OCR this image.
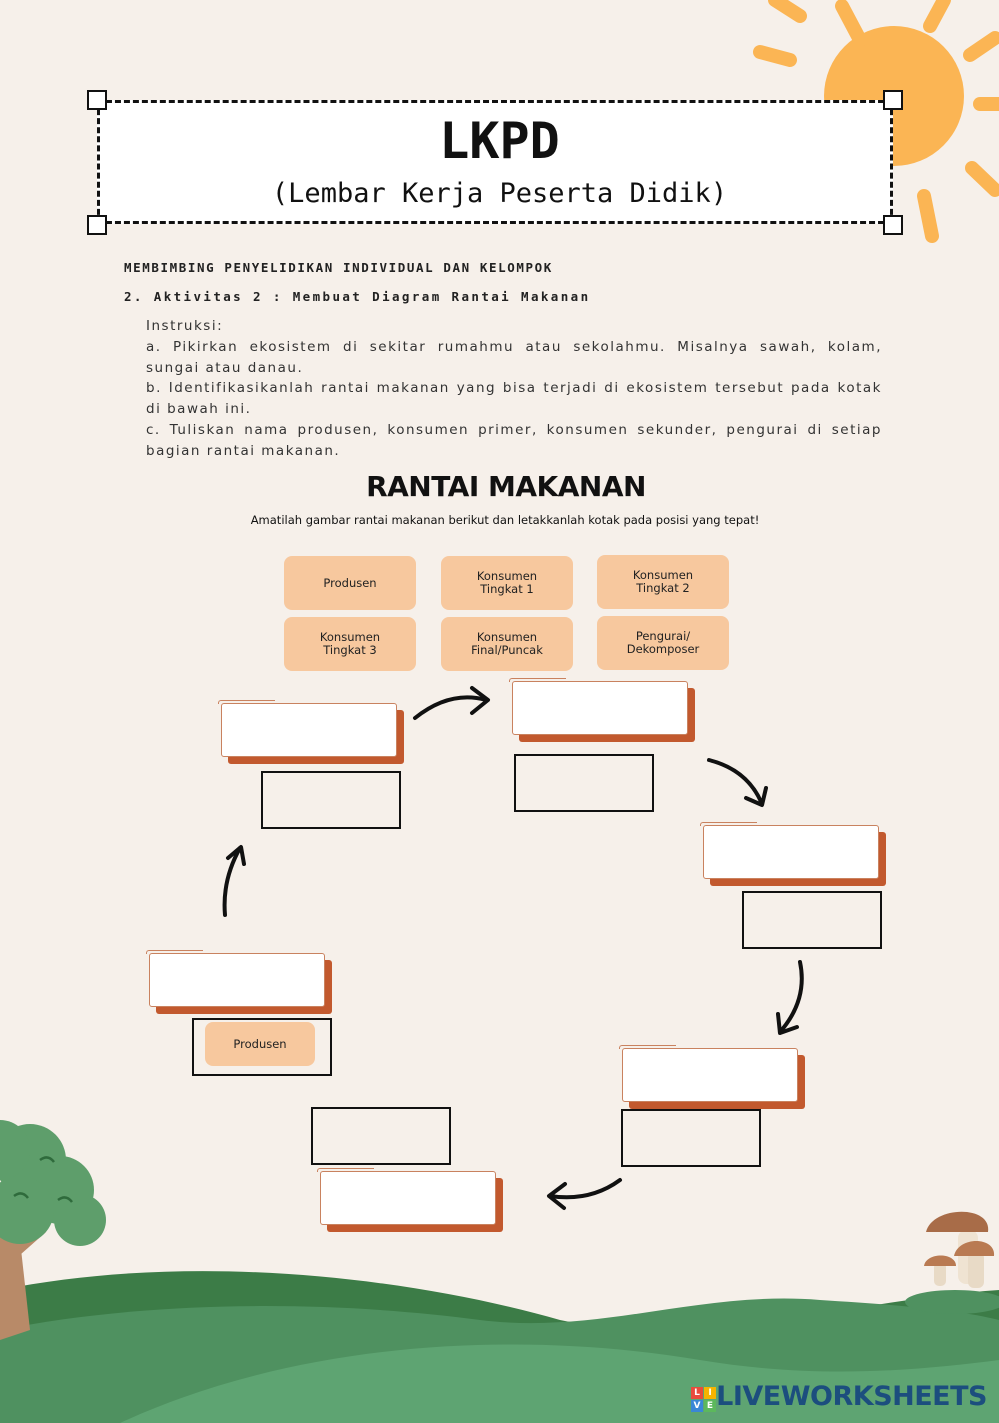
LKPD
(Lembar Kerja Peserta Didik)
MEMBIMBING PENYELIDIKAN INDIVIDUAL DAN KELOMPOK
2. Aktivitas 2 : Membuat Diagram Rantai Makanan

Instruksi:

a. Pikirkan ekosistem di sekitar rumahmu atau sekolahmu. Misalnya sawah, kolam, sungai atau danau.

b. Identifikasikanlah rantai makanan yang bisa terjadi di ekosistem tersebut pada kotak di bawah ini.

c. Tuliskan nama produsen, konsumen primer, konsumen sekunder, pengurai di setiap bagian rantai makanan.

RANTAI MAKANAN
Amatilah gambar rantai makanan berikut dan letakkanlah kotak pada posisi yang tepat!
Produsen	Konsumen
Tingkat 1
Konsumen
Tingkat 2
Konsumen
Tingkat 3
Konsumen
Final/Puncak
Pengurai/
Dekomposer
Produsen
L I
V E LIVEWORKSHEETS
